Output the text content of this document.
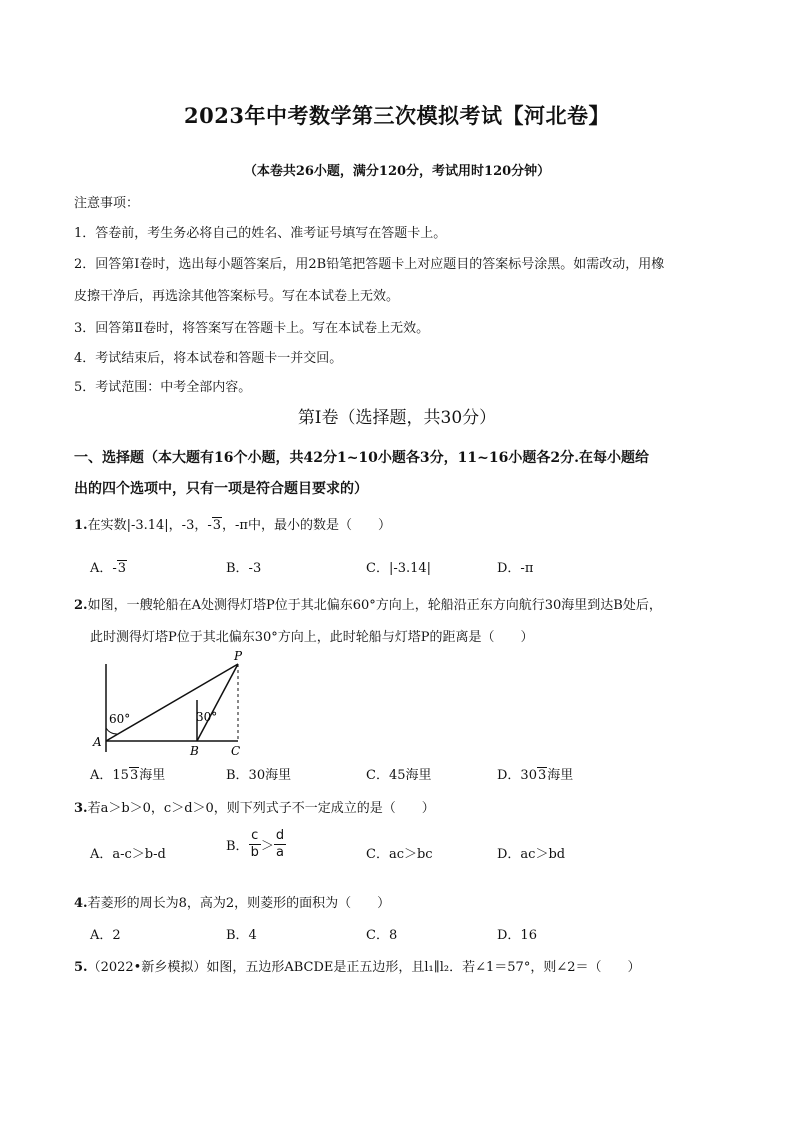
2023年中考数学第三次模拟考试【河北卷】
（本卷共26小题，满分120分，考试用时120分钟）
注意事项：
1．答卷前，考生务必将自己的姓名、准考证号填写在答题卡上。
2．回答第Ⅰ卷时，选出每小题答案后，用2B铅笔把答题卡上对应题目的答案标号涂黑。如需改动，用橡
皮擦干净后，再选涂其他答案标号。写在本试卷上无效。
3．回答第Ⅱ卷时，将答案写在答题卡上。写在本试卷上无效。
4．考试结束后，将本试卷和答题卡一并交回。
5．考试范围：中考全部内容。
第Ⅰ卷（选择题，共30分）
一、选择题（本大题有16个小题，共42分1~10小题各3分，11~16小题各2分.在每小题给
出的四个选项中，只有一项是符合题目要求的）
1.在实数|-3.14|，-3，-3，-π中，最小的数是（　　）
A．-3	B．-3	C．|-3.14|	D．-π
2.如图，一艘轮船在A处测得灯塔P位于其北偏东60°方向上，轮船沿正东方向航行30海里到达B处后，
此时测得灯塔P位于其北偏东30°方向上，此时轮船与灯塔P的距离是（　　）
P
A
B	C
60°	30°
A．153海里	B．30海里	C．45海里	D．303海里
3.若a＞b＞0，c＞d＞0，则下列式子不一定成立的是（　　）
A．a-c＞b-d
B． $\frac{c}{b} > \frac{d}{a}$	C．ac＞bc	D．ac＞bd
4.若菱形的周长为8，高为2，则菱形的面积为（　　）
A．2	B．4	C．8	D．16
5.（2022•新乡模拟）如图，五边形ABCDE是正五边形，且l₁∥l₂．若∠1＝57°，则∠2＝（　　）
